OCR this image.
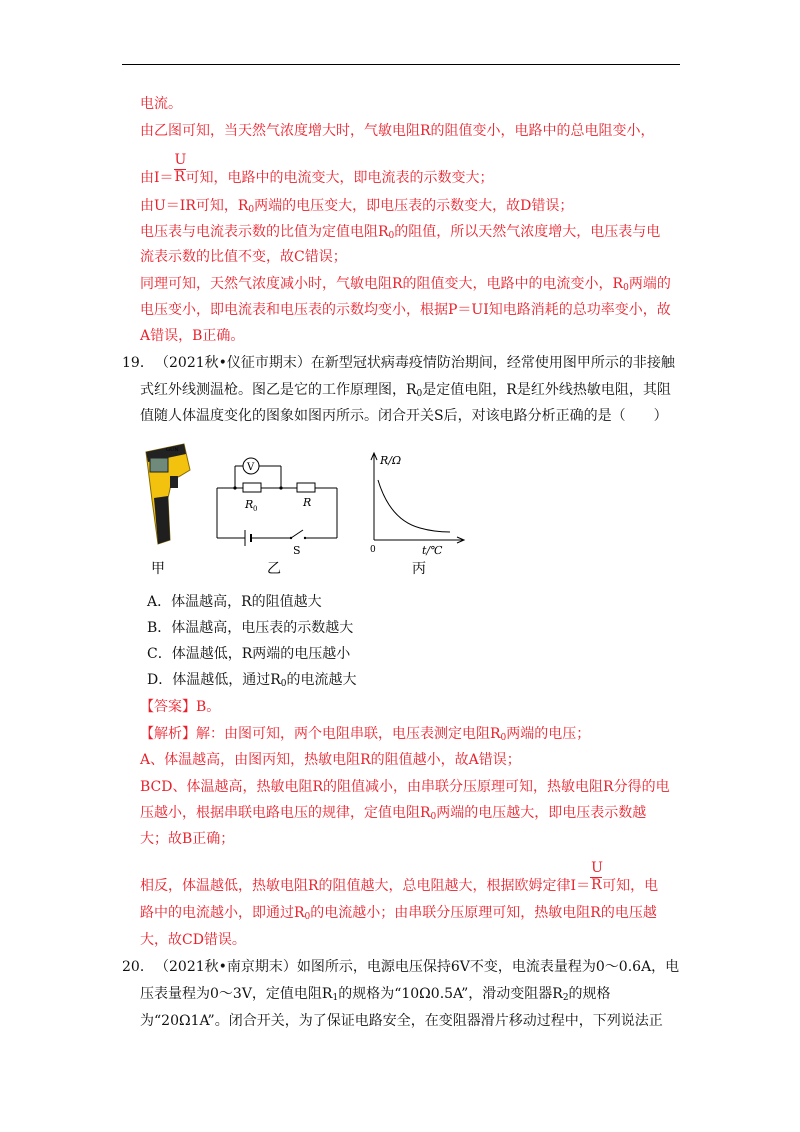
电流。
由乙图可知，当天然气浓度增大时，气敏电阻R的阻值变小，电路中的总电阻变小，
由$I= \frac{U}{R}$ 可知，电路中的电流变大，即电流表的示数变大；
由U＝IR可知，$R_0$两端的电压变大，即电压表的示数变大，故D错误；
电压表与电流表示数的比值为定值电阻$R_0$的阻值，所以天然气浓度增大，电压表与电
流表示数的比值不变，故C错误；
同理可知，天然气浓度减小时，气敏电阻R的阻值变大，电路中的电流变小，$R_0$两端的
电压变小，即电流表和电压表的示数均变小，根据P＝UI知电路消耗的总功率变小，故
A错误，B正确。
19． （2021秋•仪征市期末）在新型冠状病毒疫情防治期间，经常使用图甲所示的非接触
式红外线测温枪。图乙是它的工作原理图，$R_0$是定值电阻，R是红外线热敏电阻，其阻
值随人体温度变化的图象如图丙所示。闭合开关S后，对该电路分析正确的是（　　）
GUN
甲
V
R 0	R
S
乙
R/Ω
t/℃
0
丙
A．体温越高，R的阻值越大
B．体温越高，电压表的示数越大
C．体温越低，R两端的电压越小
D．体温越低，通过$R_0$的电流越大
【答案】B。
【解析】解：由图可知，两个电阻串联，电压表测定电阻$R_0$两端的电压；
A、体温越高，由图丙知，热敏电阻R的阻值越小，故A错误；
BCD、体温越高，热敏电阻R的阻值减小，由串联分压原理可知，热敏电阻R分得的电
压越小，根据串联电路电压的规律，定值电阻$R_0$两端的电压越大，即电压表示数越
大；故B正确；
相反，体温越低，热敏电阻R的阻值越大，总电阻越大，根据欧姆定律$I= \frac{U}{R}$ 可知，电
路中的电流越小，即通过$R_0$的电流越小；由串联分压原理可知，热敏电阻R的电压越
大，故CD错误。
20． （2021秋•南京期末）如图所示，电源电压保持6V不变，电流表量程为0～0.6A，电
压表量程为0～3V，定值电阻$R_1$的规格为“10Ω0.5A”，滑动变阻器$R_2$的规格
为“20Ω1A”。闭合开关，为了保证电路安全，在变阻器滑片移动过程中，下列说法正
